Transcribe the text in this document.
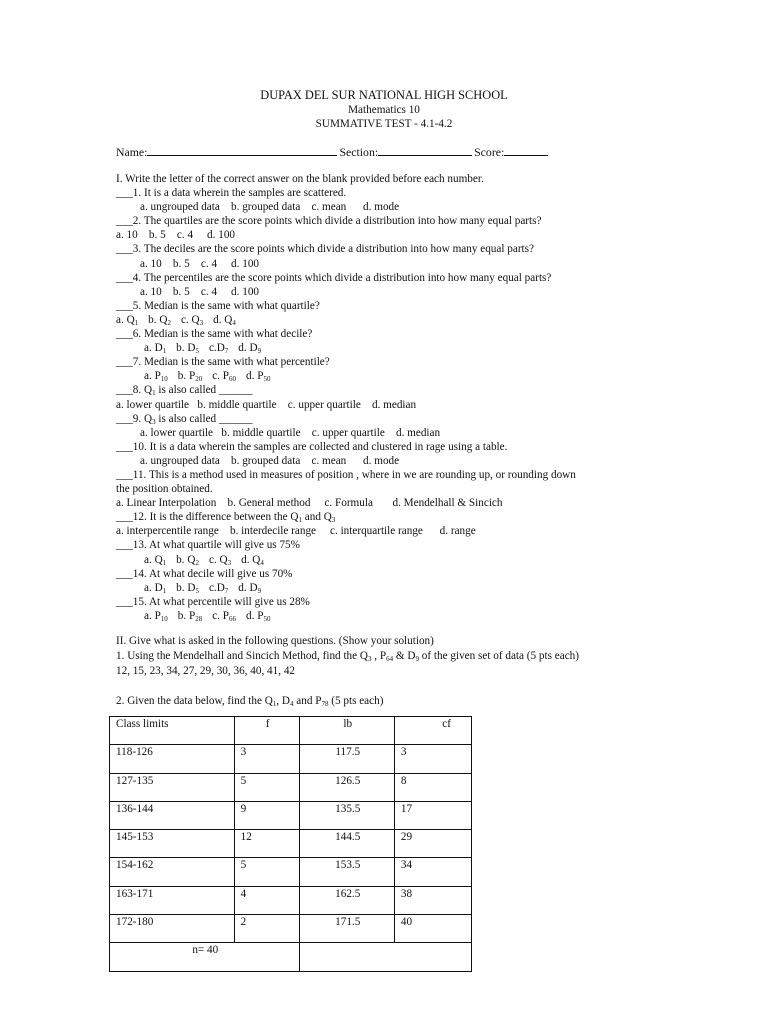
DUPAX DEL SUR NATIONAL HIGH SCHOOL
Mathematics 10
SUMMATIVE TEST - 4.1-4.2
Name:	Section:	Score:
I. Write the letter of the correct answer on the blank provided before each number.
___1. It is a data wherein the samples are scattered.
a. ungrouped data    b. grouped data    c. mean      d. mode
___2. The quartiles are the score points which divide a distribution into how many equal parts?
a. 10    b. 5    c. 4     d. 100
___3. The deciles are the score points which divide a distribution into how many equal parts?
a. 10    b. 5    c. 4     d. 100
___4. The percentiles are the score points which divide a distribution into how many equal parts?
a. 10    b. 5    c. 4     d. 100
___5. Median is the same with what quartile?
a. $Q_1$ b. $Q_2$ c. $Q_3$ d. $Q_4$
___6. Median is the same with what decile?
a. $D_1$ b. $D_5$ $c.D_7$ d. $D_9$
___7. Median is the same with what percentile?
a. $P_{10}$ b. $P_{20}$ c. $P_{60}$ d. $P_{50}$
___8. $Q_1$ is also called ______
a. lower quartile   b. middle quartile    c. upper quartile    d. median
___9. $Q_3$ is also called ______
a. lower quartile   b. middle quartile    c. upper quartile    d. median
___10. It is a data wherein the samples are collected and clustered in rage using a table.
a. ungrouped data    b. grouped data    c. mean      d. mode
___11. This is a method used in measures of position , where in we are rounding up, or rounding down
the position obtained.
a. Linear Interpolation    b. General method     c. Formula       d. Mendelhall & Sincich
___12. It is the difference between the $Q_1$ and $Q_3$
a. interpercentile range    b. interdecile range     c. interquartile range      d. range
___13. At what quartile will give us 75%
a. $Q_1$ b. $Q_2$ c. $Q_3$ d. $Q_4$
___14. At what decile will give us 70%
a. $D_1$ b. $D_5$ $c.D_7$ d. $D_9$
___15. At what percentile will give us 28%
a. $P_{10}$ b. $P_{28}$ c. $P_{66}$ d. $P_{50}$
II. Give what is asked in the following questions. (Show your solution)
1. Using the Mendelhall and Sincich Method, find the $Q_3$ , $P_{64}$ & $D_9$ of the given set of data (5 pts each)
12, 15, 23, 34, 27, 29, 30, 36, 40, 41, 42
2. Given the data below, find the $Q_1$, $D_4$ and $P_{78}$ (5 pts each)
Class limits	f	lb	cf
118-126	3	117.5	3
127-135	5	126.5	8
136-144	9	135.5	17
145-153	12	144.5	29
154-162	5	153.5	34
163-171	4	162.5	38
172-180	2	171.5	40
n= 40			
